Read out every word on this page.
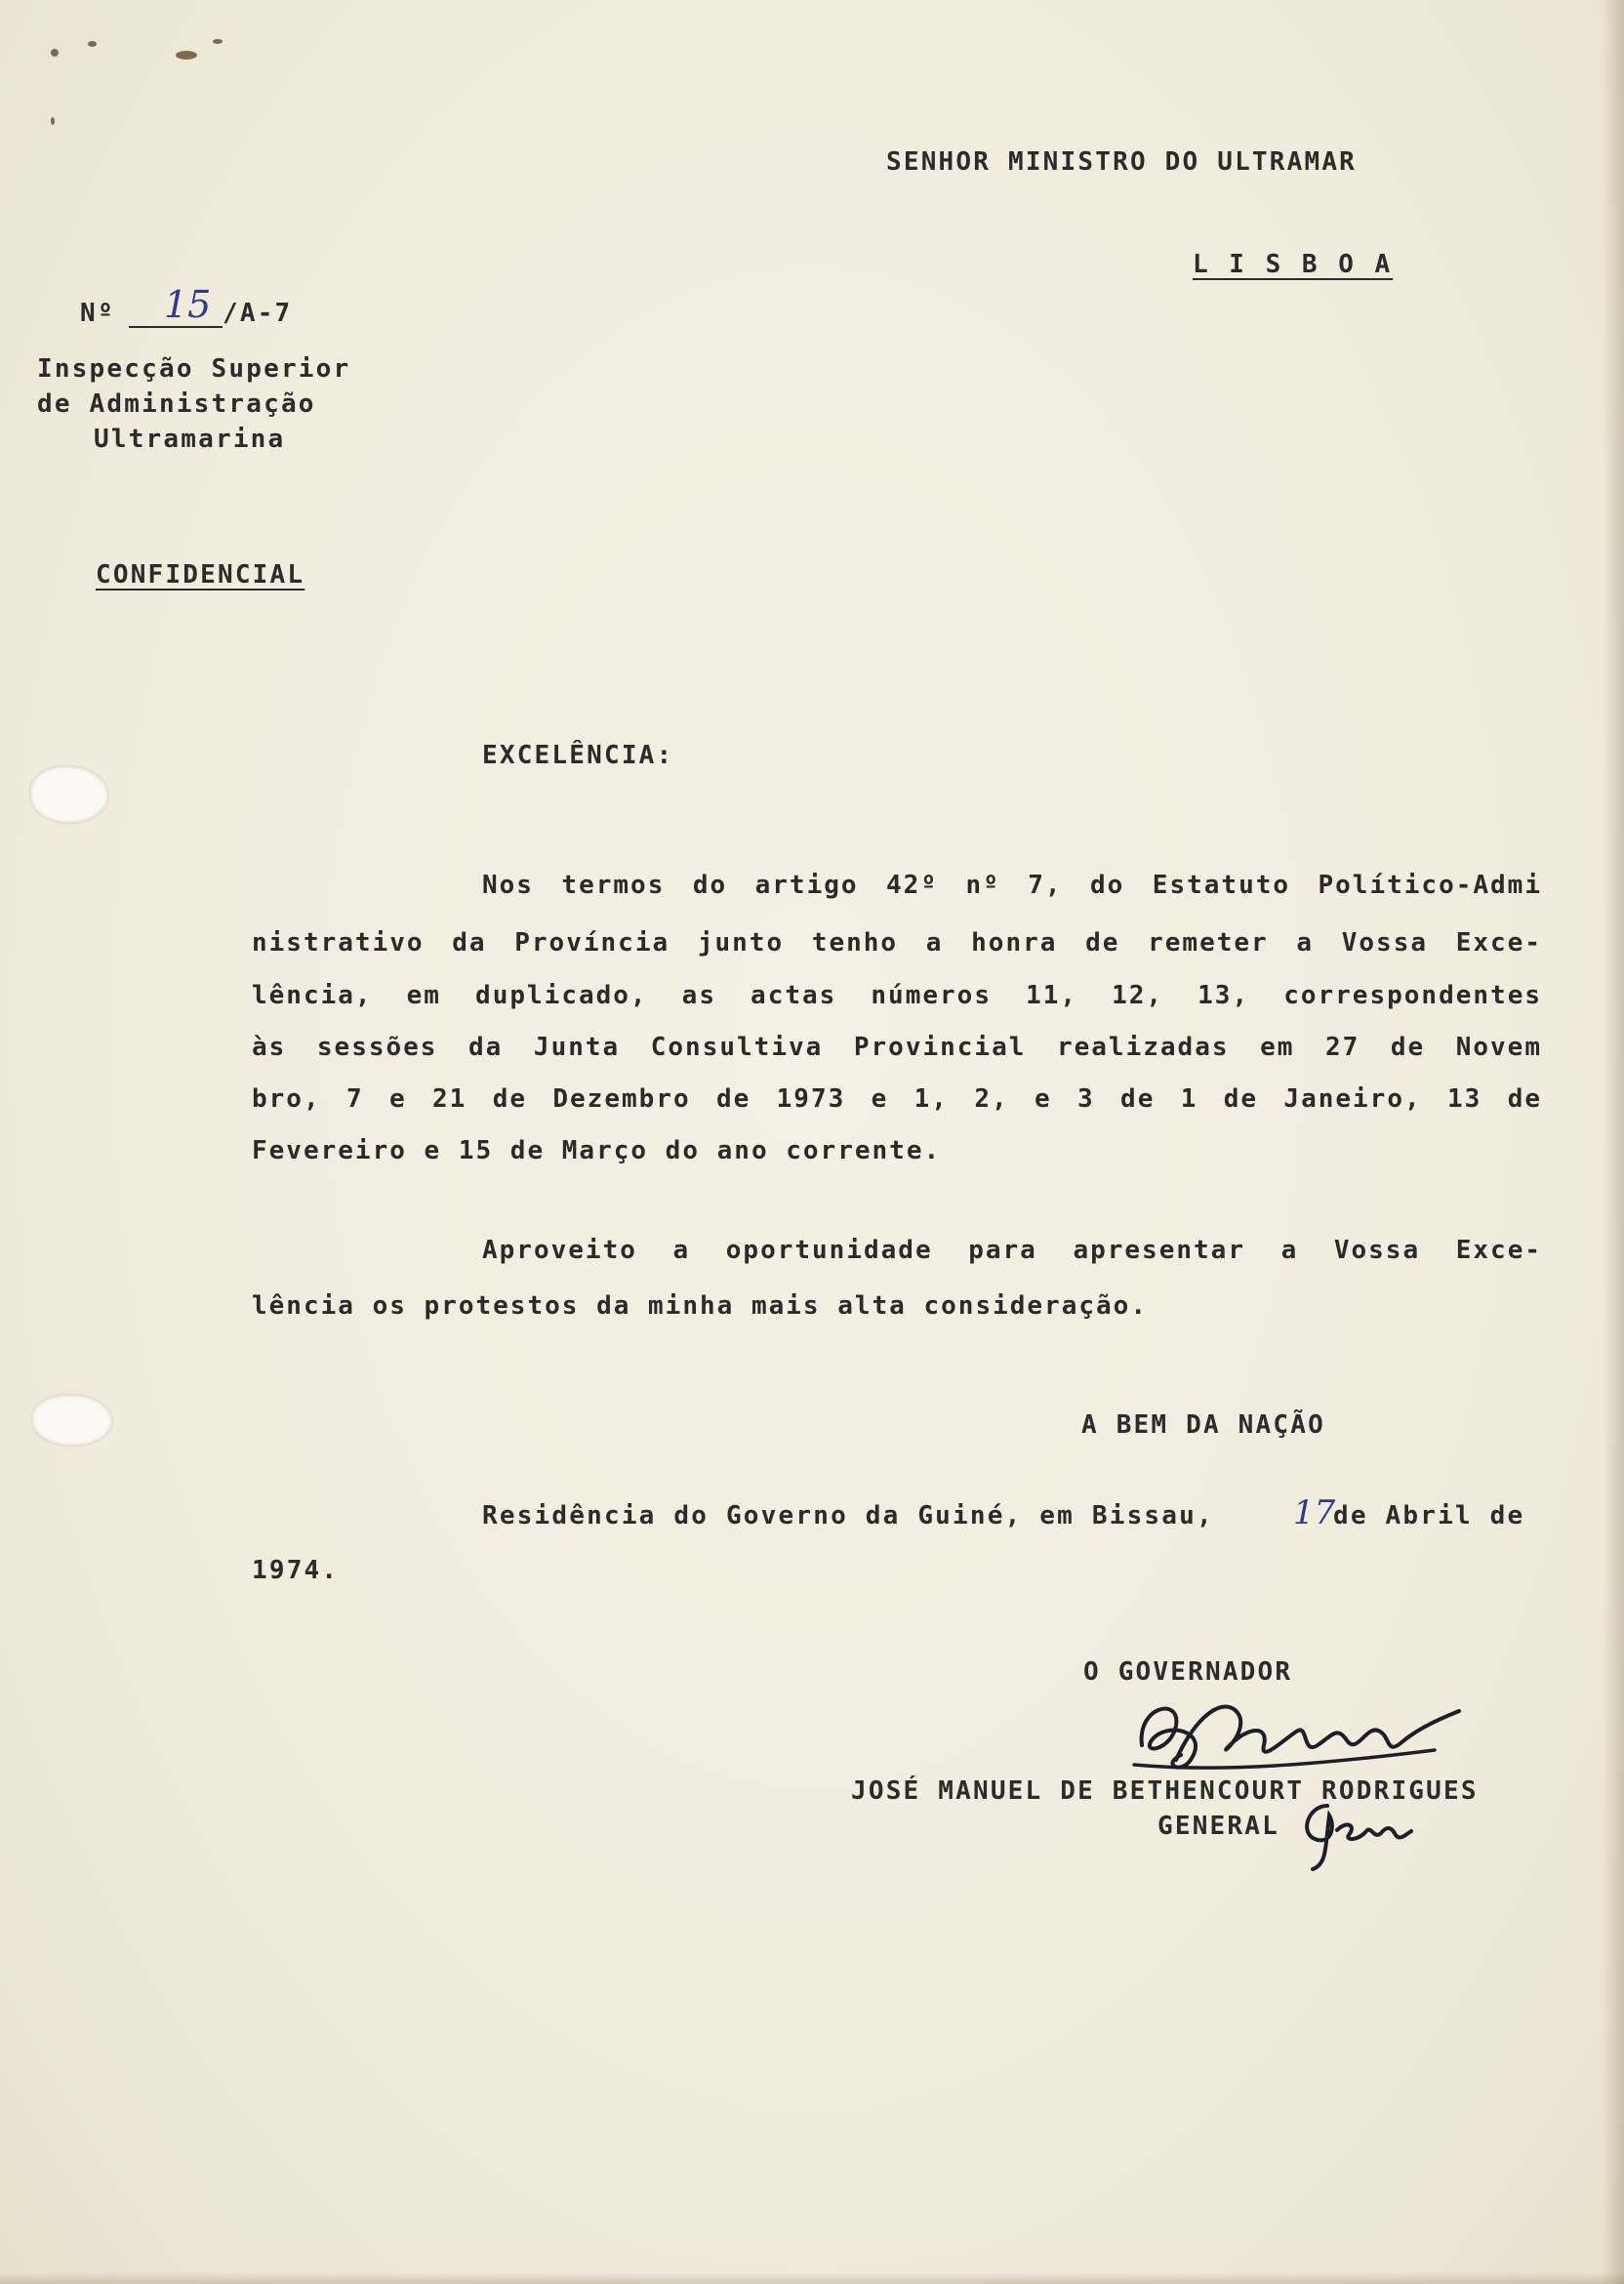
SENHOR MINISTRO DO ULTRAMAR

L I S B O A

Nº 15 /A-7

Inspecção Superior

de Administração

Ultramarina

CONFIDENCIAL

EXCELÊNCIA:

Nos termos do artigo 42º nº 7, do Estatuto Político-Admi

nistrativo da Província junto tenho a honra de remeter a Vossa Exce-

lência, em duplicado, as actas números 11, 12, 13, correspondentes

às sessões da Junta Consultiva Provincial realizadas em 27 de Novem

bro, 7 e 21 de Dezembro de 1973 e 1, 2, e 3 de 1 de Janeiro, 13 de

Fevereiro e 15 de Março do ano corrente.

Aproveito a oportunidade para apresentar a Vossa Exce-

lência os protestos da minha mais alta consideração.

A BEM DA NAÇÃO

Residência do Governo da Guiné, em Bissau, 17

de Abril de

1974.

O GOVERNADOR

JOSÉ MANUEL DE BETHENCOURT RODRIGUES

GENERAL
